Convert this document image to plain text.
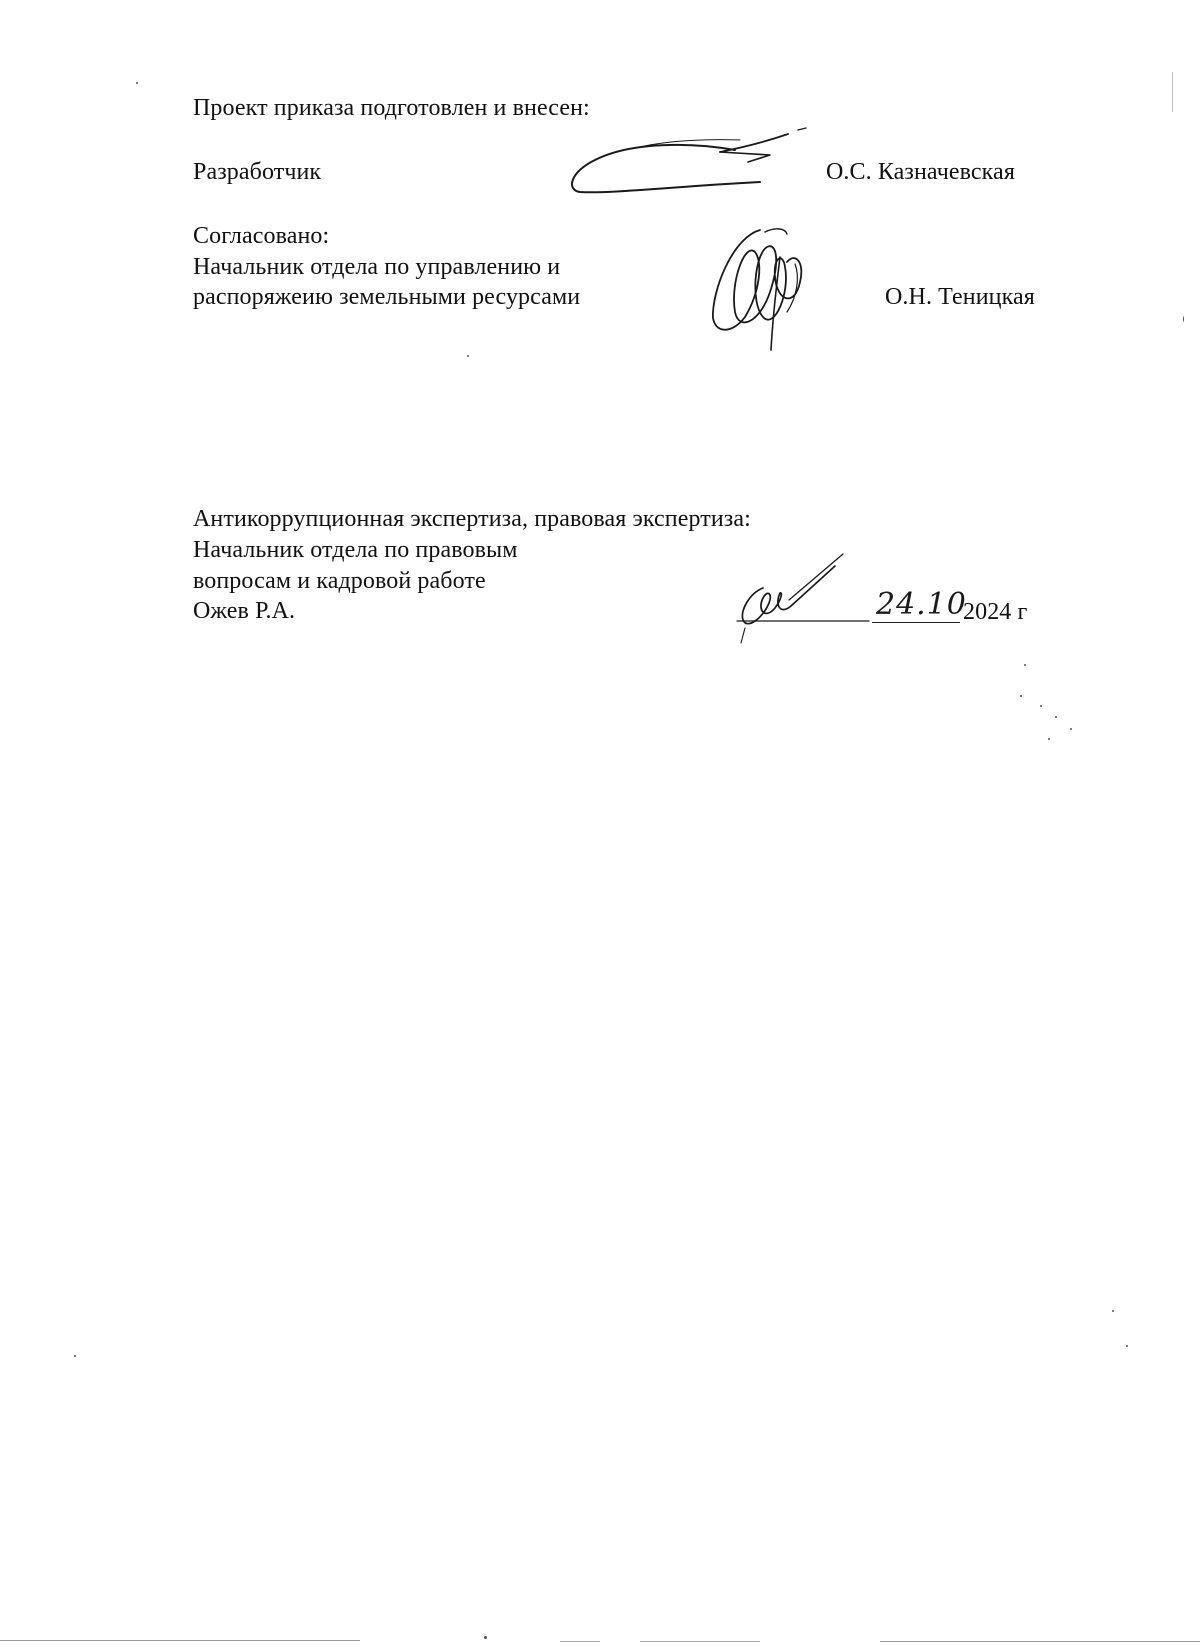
Проект приказа подготовлен и внесен:
Разработчик	О.С. Казначевская
Согласовано:
Начальник отдела по управлению и
распоряжеию земельными ресурсами	О.Н. Теницкая
Антикоррупционная экспертиза, правовая экспертиза:
Начальник отдела по правовым
вопросам и кадровой работе
Ожев Р.А.	24.10
2024 г
